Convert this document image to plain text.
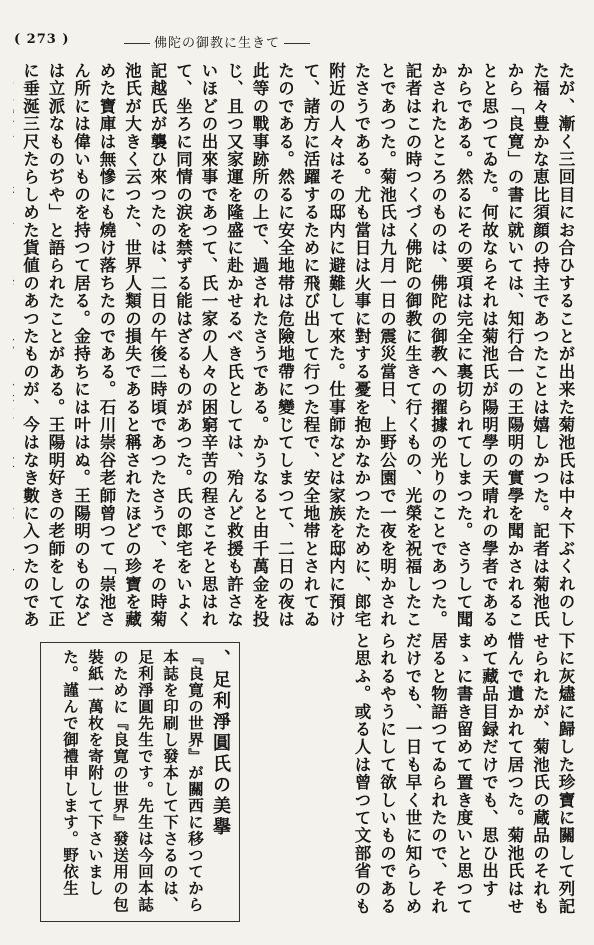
( 273 )	佛陀の御教に生きて

たが、漸く三回目にお合ひすることが出来た菊池氏は中々下ぶくれのした福々豊かな恵比須顔の持主であつたことは嬉しかつた。記者は菊池氏から「良寛」の書に就いては、知行合一の王陽明の實學を聞かされることと思つてゐた。何故ならそれは菊池氏が陽明學の天晴れの學者であるからである。然るにその要項は完全に裏切られてしまつた。さうして聞かされたところのものは、佛陀の御教への擢據の光りのことであつた。記者はこの時つくづく佛陀の御教に生きて行くもの、光榮を祝福したことであつた。菊池氏は九月一日の震災當日、上野公園で一夜を明かされたさうである。尤も當日は火事に對する憂を抱かなかつたために、郎宅附近の人々はその邸内に避難して來た。仕事師などは家族を邸内に預けて、諸方に活躍するために飛び出して行つた程で、安全地帯とされてゐたのである。然るに安全地帯は危險地帶に變じてしまつて、二日の夜は此等の戰事跡所の上で、過されたさうである。かうなると由千萬金を投じ、且つ又家運を隆盛に赴かせるべき氏としては、殆んど救援も許さないほどの出來事であつて、氏一家の人々の困窮辛苦の程さこそと思はれて、坐ろに同情の涙を禁ずる能はざるものがあつた。氏の郎宅をいよく記越氏が襲ひ來つたのは、二日の午後二時頃であつたさうで、その時菊池氏が大きく云つた、世界人類の損失であると稱されたほどの珍寶を藏めた寶庫は無慘にも燒け落ちたのである。石川崇谷老師曾つて「崇池さん所には偉いものを持つて居る。金持ちには叶はぬ。王陽明のものなどは立派なものぢや」と語られたことがある。王陽明好きの老師をして正に垂涎三尺たらしめた貨値のあつたものが、今はなき數に入つたのであ

下に灰燼に歸した珍寶に關して列記せられたが、菊池氏の蔵品のそれも惜んで遺かれて居つた。菊池氏はせめて藏品目録だけでも、思ひ出すまゝに書き留めて置き度いと思つて居ると物語つてゐられたので、それだけでも、一日も早く世に知らしめられるやうにして欲しいものであると思ふ。或る人は曾つて文部省のも

、足利淨圓氏の美擧

『良寛の世界』が關西に移つてから本誌を印刷し發本して下さるのは、足利淨圓先生です。先生は今回本誌のために『良寛の世界』發送用の包裝紙一萬枚を寄附して下さいました。謹んで御禮申します。野依生
